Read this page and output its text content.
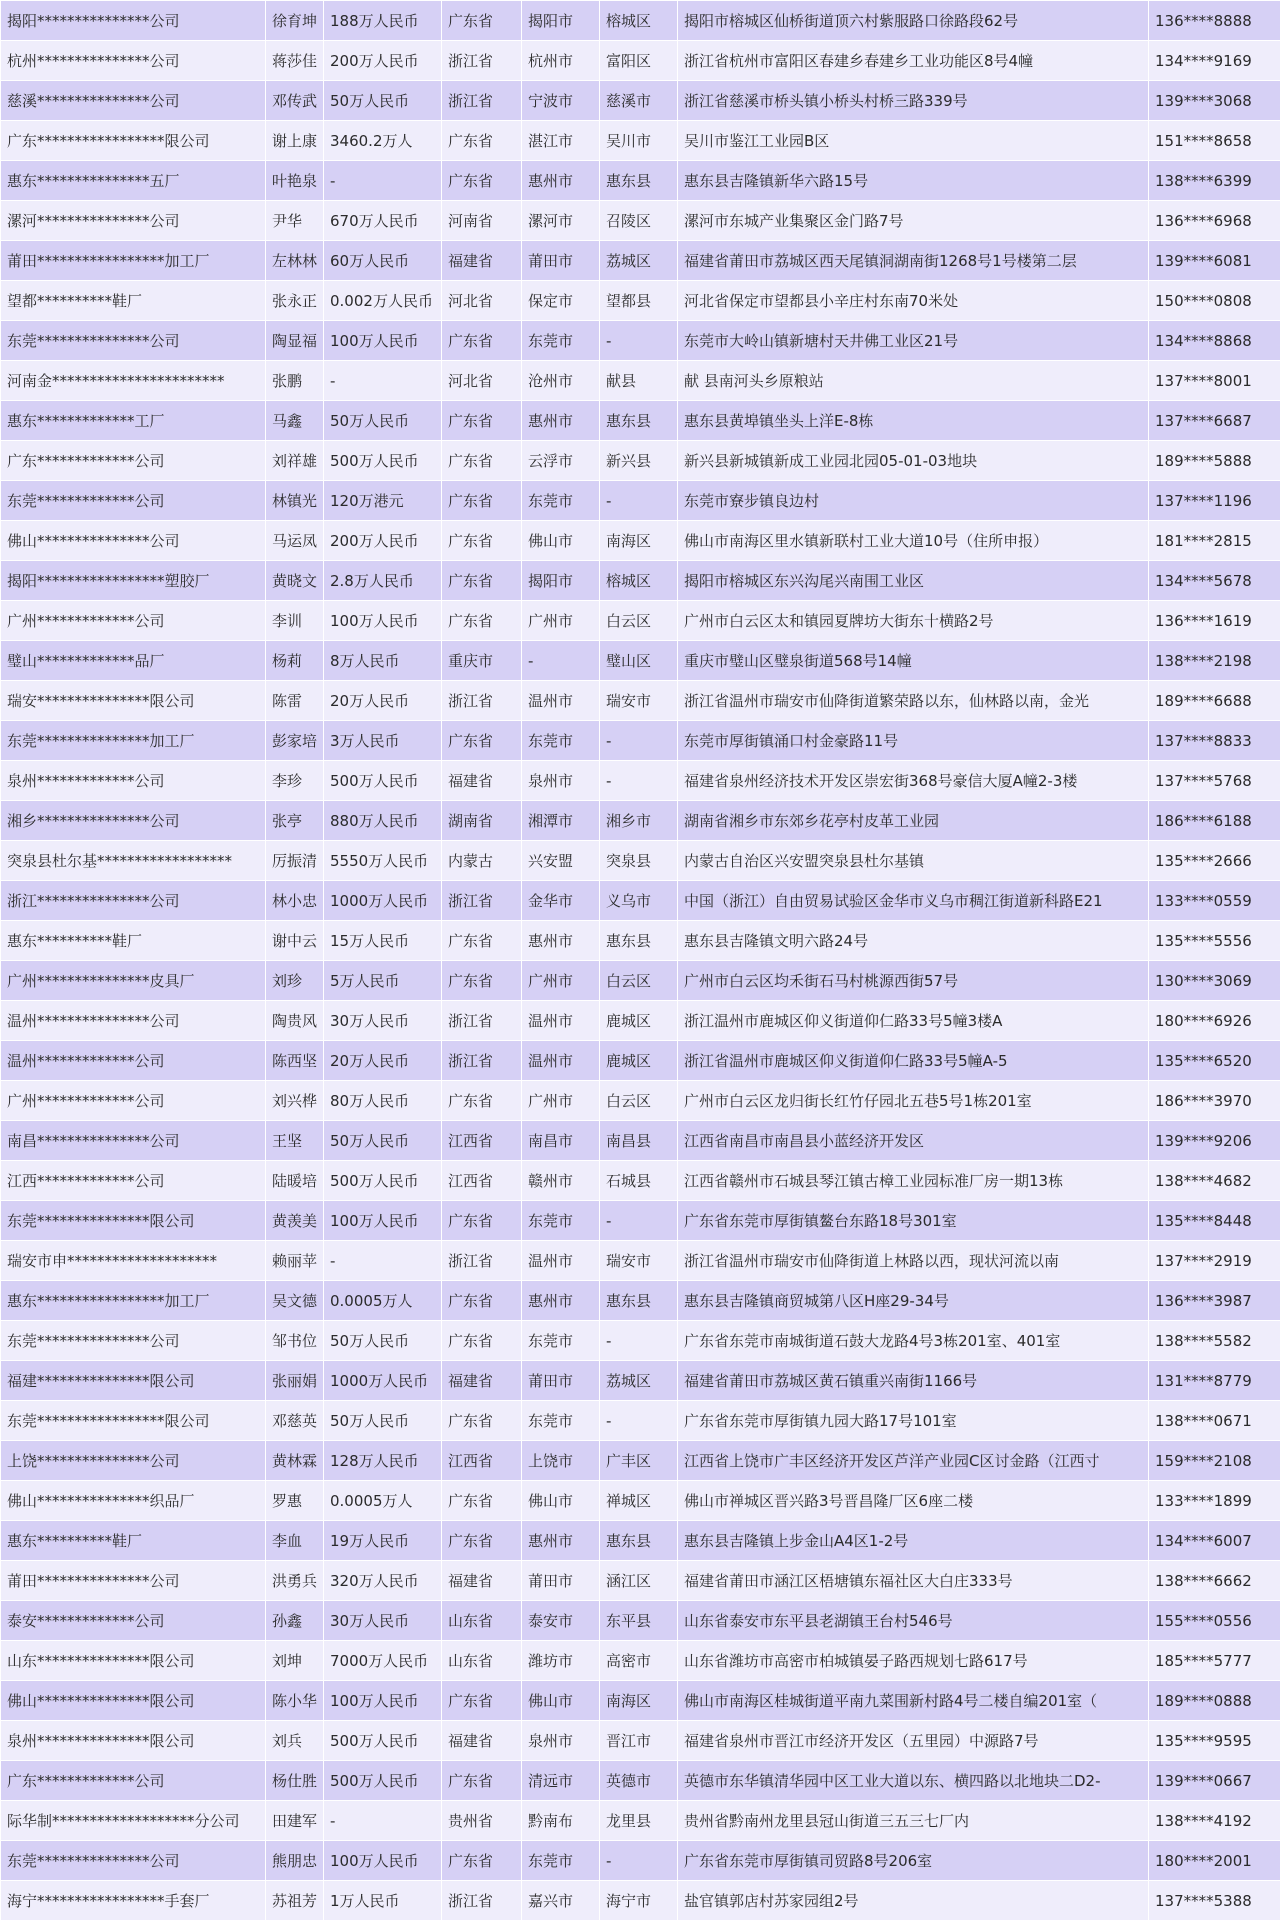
揭阳***************公司	徐育坤	188万人民币	广东省	揭阳市	榕城区	揭阳市榕城区仙桥街道顶六村紫服路口徐路段62号	136****8888
杭州***************公司	蒋莎佳	200万人民币	浙江省	杭州市	富阳区	浙江省杭州市富阳区春建乡春建乡工业功能区8号4幢	134****9169
慈溪***************公司	邓传武	50万人民币	浙江省	宁波市	慈溪市	浙江省慈溪市桥头镇小桥头村桥三路339号	139****3068
广东*****************限公司	谢上康	3460.2万人	广东省	湛江市	吴川市	吴川市鉴江工业园B区	151****8658
惠东***************五厂	叶艳泉	-	广东省	惠州市	惠东县	惠东县吉隆镇新华六路15号	138****6399
漯河***************公司	尹华	670万人民币	河南省	漯河市	召陵区	漯河市东城产业集聚区金门路7号	136****6968
莆田*****************加工厂	左林林	60万人民币	福建省	莆田市	荔城区	福建省莆田市荔城区西天尾镇洞湖南街1268号1号楼第二层	139****6081
望都**********鞋厂	张永正	0.002万人民币	河北省	保定市	望都县	河北省保定市望都县小辛庄村东南70米处	150****0808
东莞***************公司	陶显福	100万人民币	广东省	东莞市	-	东莞市大岭山镇新塘村天井佛工业区21号	134****8868
河南金***********************	张鹏	-	河北省	沧州市	献县	献 县南河头乡原粮站	137****8001
惠东*************工厂	马鑫	50万人民币	广东省	惠州市	惠东县	惠东县黄埠镇坐头上洋E-8栋	137****6687
广东*************公司	刘祥雄	500万人民币	广东省	云浮市	新兴县	新兴县新城镇新成工业园北园05-01-03地块	189****5888
东莞*************公司	林镇光	120万港元	广东省	东莞市	-	东莞市寮步镇良边村	137****1196
佛山***************公司	马运凤	200万人民币	广东省	佛山市	南海区	佛山市南海区里水镇新联村工业大道10号（住所申报）	181****2815
揭阳*****************塑胶厂	黄晓文	2.8万人民币	广东省	揭阳市	榕城区	揭阳市榕城区东兴沟尾兴南围工业区	134****5678
广州*************公司	李训	100万人民币	广东省	广州市	白云区	广州市白云区太和镇园夏牌坊大街东十横路2号	136****1619
璧山*************品厂	杨莉	8万人民币	重庆市	-	璧山区	重庆市璧山区璧泉街道568号14幢	138****2198
瑞安***************限公司	陈雷	20万人民币	浙江省	温州市	瑞安市	浙江省温州市瑞安市仙降街道繁荣路以东，仙林路以南，金光	189****6688
东莞***************加工厂	彭家培	3万人民币	广东省	东莞市	-	东莞市厚街镇涌口村金豪路11号	137****8833
泉州*************公司	李珍	500万人民币	福建省	泉州市	-	福建省泉州经济技术开发区崇宏街368号豪信大厦A幢2-3楼	137****5768
湘乡***************公司	张亭	880万人民币	湖南省	湘潭市	湘乡市	湖南省湘乡市东郊乡花亭村皮革工业园	186****6188
突泉县杜尔基******************	厉振清	5550万人民币	内蒙古	兴安盟	突泉县	内蒙古自治区兴安盟突泉县杜尔基镇	135****2666
浙江***************公司	林小忠	1000万人民币	浙江省	金华市	义乌市	中国（浙江）自由贸易试验区金华市义乌市稠江街道新科路E21	133****0559
惠东**********鞋厂	谢中云	15万人民币	广东省	惠州市	惠东县	惠东县吉隆镇文明六路24号	135****5556
广州***************皮具厂	刘珍	5万人民币	广东省	广州市	白云区	广州市白云区均禾街石马村桃源西街57号	130****3069
温州***************公司	陶贵风	30万人民币	浙江省	温州市	鹿城区	浙江温州市鹿城区仰义街道仰仁路33号5幢3楼A	180****6926
温州*************公司	陈西坚	20万人民币	浙江省	温州市	鹿城区	浙江省温州市鹿城区仰义街道仰仁路33号5幢A-5	135****6520
广州*************公司	刘兴桦	80万人民币	广东省	广州市	白云区	广州市白云区龙归街长红竹仔园北五巷5号1栋201室	186****3970
南昌***************公司	王坚	50万人民币	江西省	南昌市	南昌县	江西省南昌市南昌县小蓝经济开发区	139****9206
江西*************公司	陆暖培	500万人民币	江西省	赣州市	石城县	江西省赣州市石城县琴江镇古樟工业园标准厂房一期13栋	138****4682
东莞***************限公司	黄羡美	100万人民币	广东省	东莞市	-	广东省东莞市厚街镇鳌台东路18号301室	135****8448
瑞安市申********************	赖丽苹	-	浙江省	温州市	瑞安市	浙江省温州市瑞安市仙降街道上林路以西，现状河流以南	137****2919
惠东*****************加工厂	吴文德	0.0005万人	广东省	惠州市	惠东县	惠东县吉隆镇商贸城第八区H座29-34号	136****3987
东莞***************公司	邹书位	50万人民币	广东省	东莞市	-	广东省东莞市南城街道石鼓大龙路4号3栋201室、401室	138****5582
福建***************限公司	张丽娟	1000万人民币	福建省	莆田市	荔城区	福建省莆田市荔城区黄石镇重兴南街1166号	131****8779
东莞*****************限公司	邓慈英	50万人民币	广东省	东莞市	-	广东省东莞市厚街镇九园大路17号101室	138****0671
上饶***************公司	黄林霖	128万人民币	江西省	上饶市	广丰区	江西省上饶市广丰区经济开发区芦洋产业园C区讨金路（江西寸	159****2108
佛山***************织品厂	罗惠	0.0005万人	广东省	佛山市	禅城区	佛山市禅城区晋兴路3号晋昌隆厂区6座二楼	133****1899
惠东**********鞋厂	李血	19万人民币	广东省	惠州市	惠东县	惠东县吉隆镇上步金山A4区1-2号	134****6007
莆田***************公司	洪勇兵	320万人民币	福建省	莆田市	涵江区	福建省莆田市涵江区梧塘镇东福社区大白庄333号	138****6662
泰安*************公司	孙鑫	30万人民币	山东省	泰安市	东平县	山东省泰安市东平县老湖镇王台村546号	155****0556
山东***************限公司	刘坤	7000万人民币	山东省	潍坊市	高密市	山东省潍坊市高密市柏城镇晏子路西规划七路617号	185****5777
佛山***************限公司	陈小华	100万人民币	广东省	佛山市	南海区	佛山市南海区桂城街道平南九菜围新村路4号二楼自编201室（	189****0888
泉州***************限公司	刘兵	500万人民币	福建省	泉州市	晋江市	福建省泉州市晋江市经济开发区（五里园）中源路7号	135****9595
广东*************公司	杨仕胜	500万人民币	广东省	清远市	英德市	英德市东华镇清华园中区工业大道以东、横四路以北地块二D2-	139****0667
际华制*******************分公司	田建军	-	贵州省	黔南布	龙里县	贵州省黔南州龙里县冠山街道三五三七厂内	138****4192
东莞***************公司	熊朋忠	100万人民币	广东省	东莞市	-	广东省东莞市厚街镇司贸路8号206室	180****2001
海宁*****************手套厂	苏祖芳	1万人民币	浙江省	嘉兴市	海宁市	盐官镇郭店村苏家园组2号	137****5388
